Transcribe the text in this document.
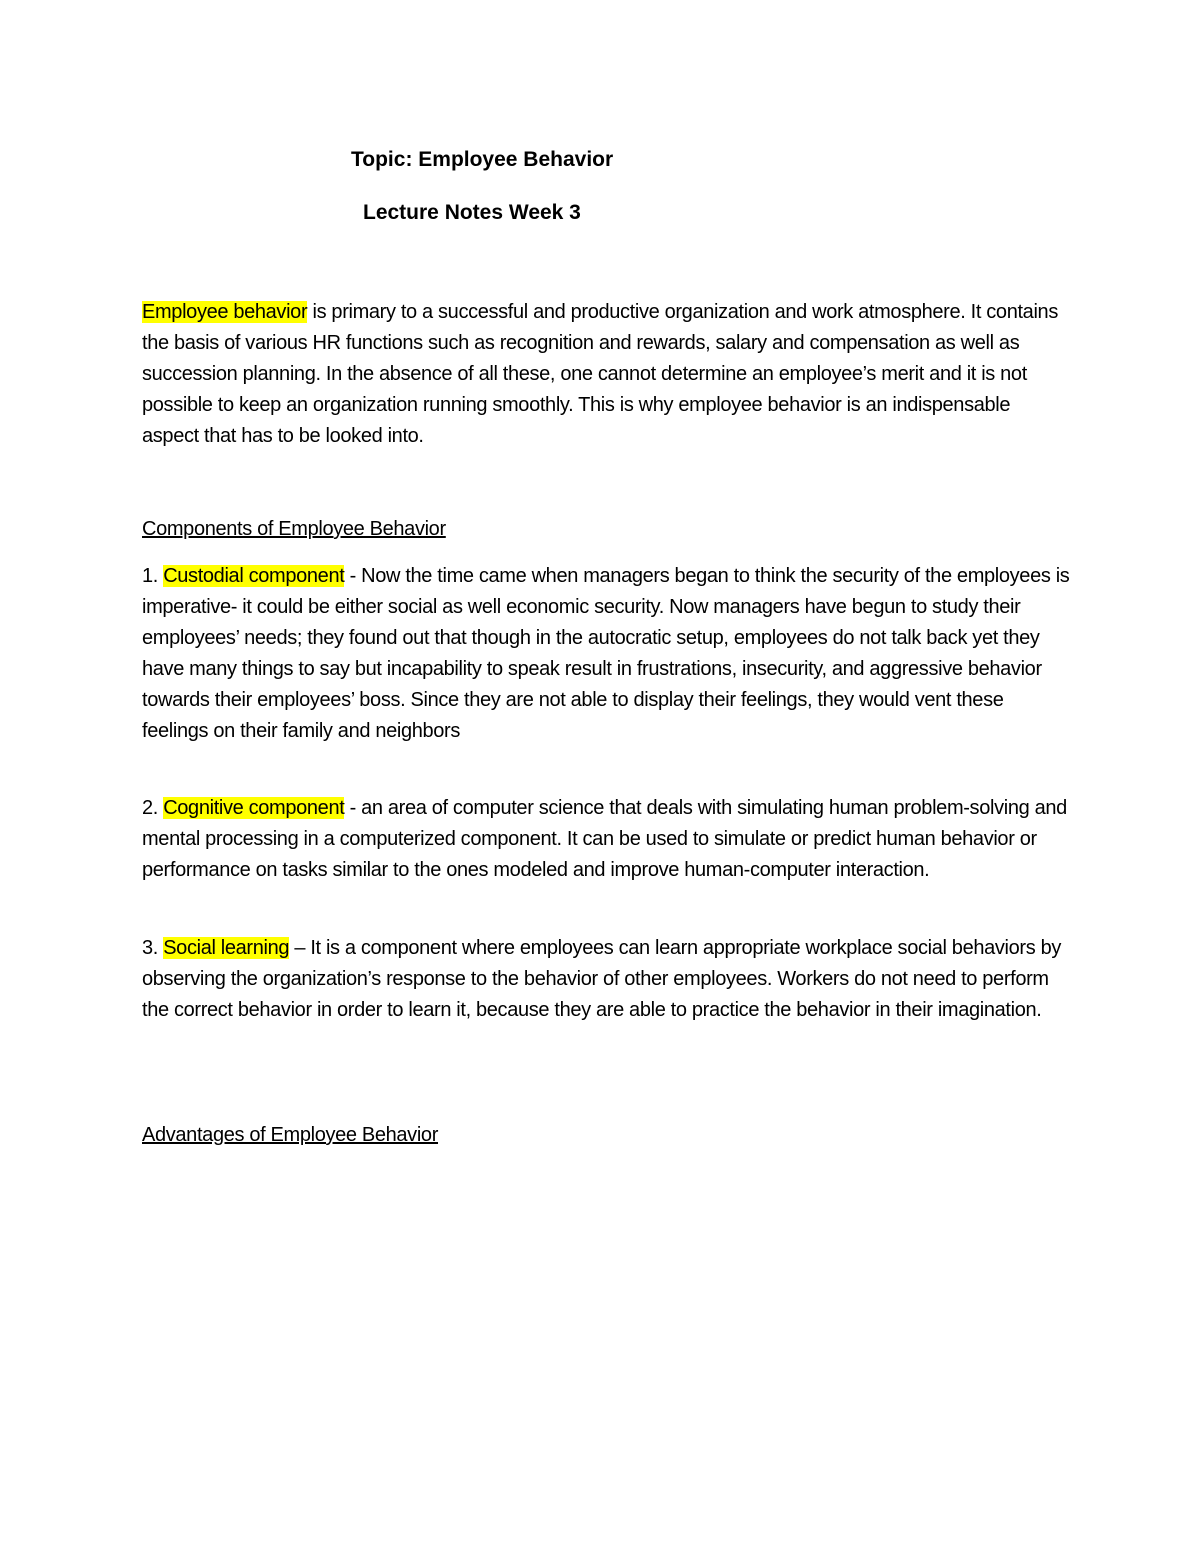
Topic: Employee Behavior
Lecture Notes Week 3

Employee behavior is primary to a successful and productive organization and work atmosphere. It contains the basis of various HR functions such as recognition and rewards, salary and compensation as well as succession planning. In the absence of all these, one cannot determine an employee’s merit and it is not possible to keep an organization running smoothly. This is why employee behavior is an indispensable aspect that has to be looked into.

Components of Employee Behavior

1. Custodial component - Now the time came when managers began to think the security of the employees is imperative- it could be either social as well economic security. Now managers have begun to study their employees’ needs; they found out that though in the autocratic setup, employees do not talk back yet they have many things to say but incapability to speak result in frustrations, insecurity, and aggressive behavior towards their employees’ boss. Since they are not able to display their feelings, they would vent these feelings on their family and neighbors

2. Cognitive component - an area of computer science that deals with simulating human problem-solving and mental processing in a computerized component. It can be used to simulate or predict human behavior or performance on tasks similar to the ones modeled and improve human-computer interaction.

3. Social learning – It is a component where employees can learn appropriate workplace social behaviors by observing the organization’s response to the behavior of other employees. Workers do not need to perform the correct behavior in order to learn it, because they are able to practice the behavior in their imagination.

Advantages of Employee Behavior
